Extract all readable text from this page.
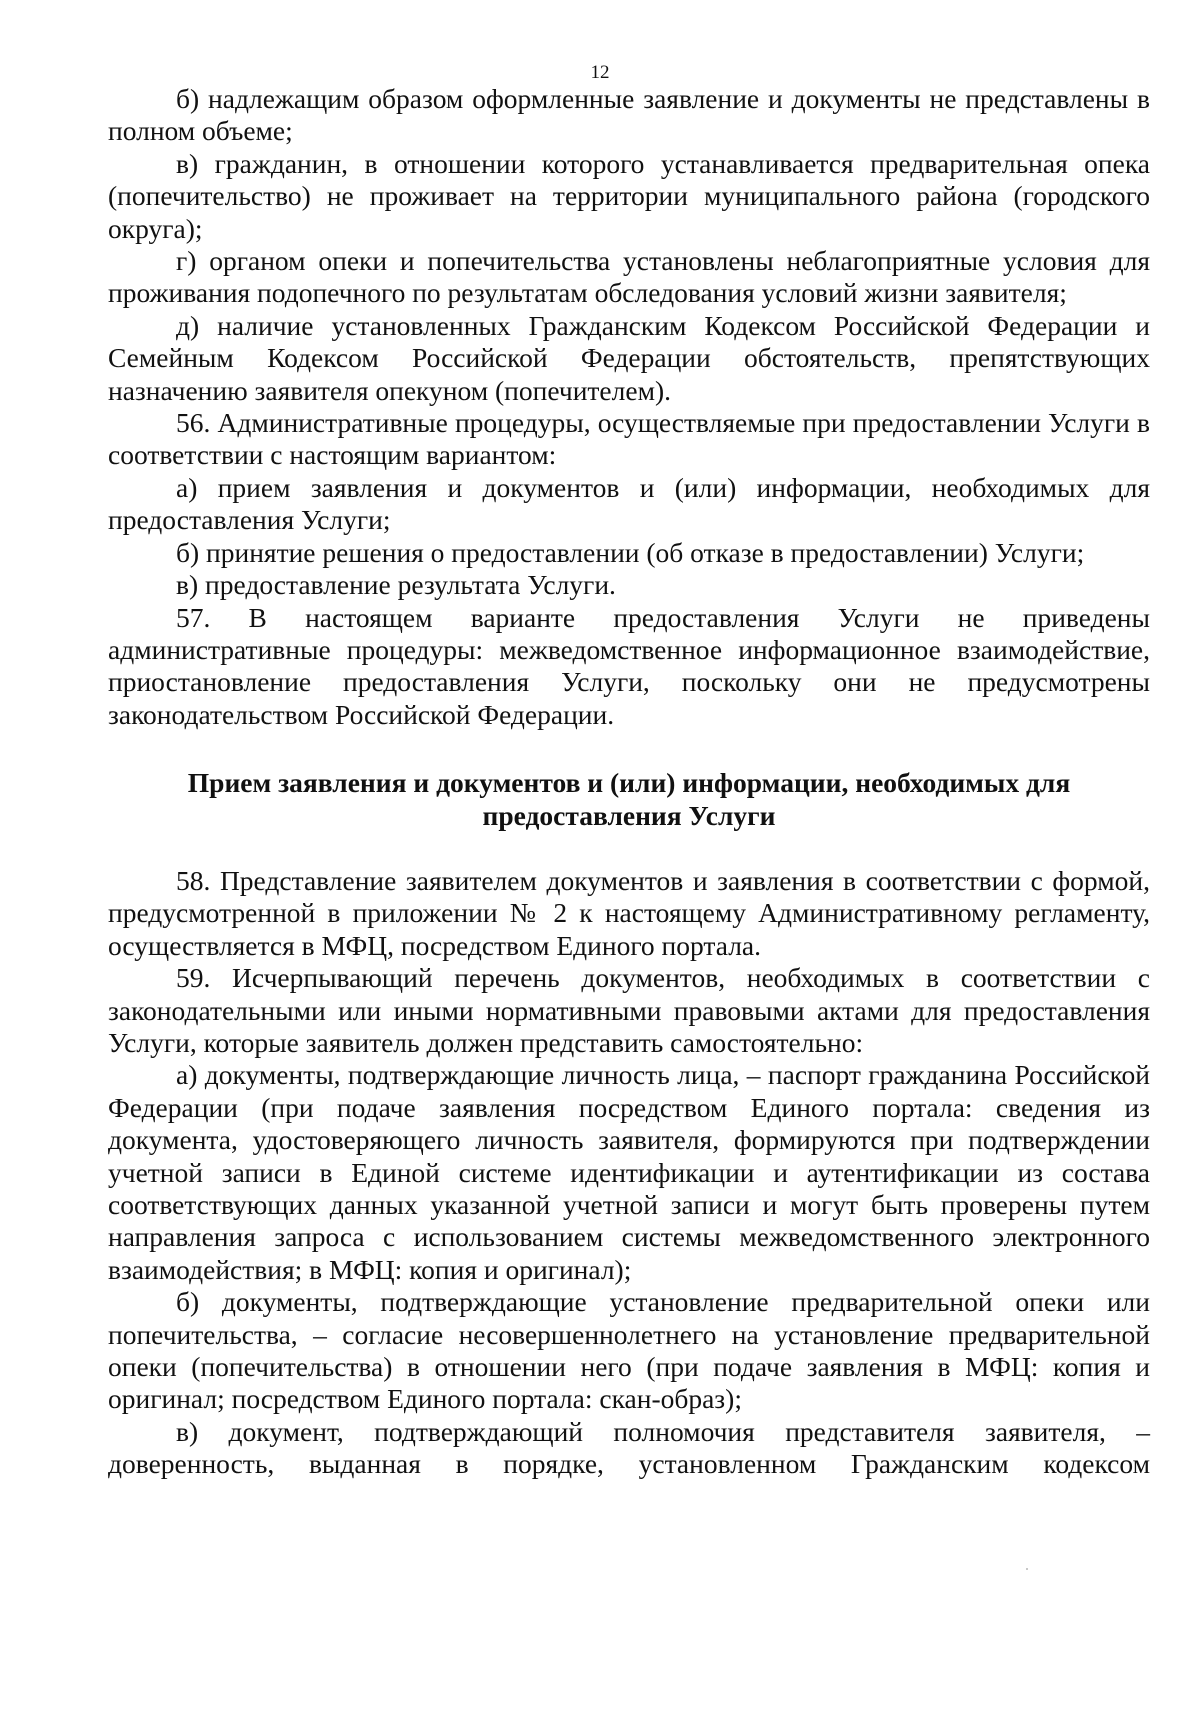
12

б) надлежащим образом оформленные заявление и документы не представлены в полном объеме;

в) гражданин, в отношении которого устанавливается предварительная опека (попечительство) не проживает на территории муниципального района (городского округа);

г) органом опеки и попечительства установлены неблагоприятные условия для проживания подопечного по результатам обследования условий жизни заявителя;

д) наличие установленных Гражданским Кодексом Российской Федерации и Семейным Кодексом Российской Федерации обстоятельств, препятствующих назначению заявителя опекуном (попечителем).

56. Административные процедуры, осуществляемые при предоставлении Услуги в соответствии с настоящим вариантом:

а) прием заявления и документов и (или) информации, необходимых для предоставления Услуги;

б) принятие решения о предоставлении (об отказе в предоставлении) Услуги;

в) предоставление результата Услуги.

57. В настоящем варианте предоставления Услуги не приведены административные процедуры: межведомственное информационное взаимодействие, приостановление предоставления Услуги, поскольку они не предусмотрены законодательством Российской Федерации.

Прием заявления и документов и (или) информации, необходимых для
предоставления Услуги

58. Представление заявителем документов и заявления в соответствии с формой, предусмотренной в приложении № 2 к настоящему Административному регламенту, осуществляется в МФЦ, посредством Единого портала.

59. Исчерпывающий перечень документов, необходимых в соответствии с законодательными или иными нормативными правовыми актами для предоставления Услуги, которые заявитель должен представить самостоятельно:

а) документы, подтверждающие личность лица, – паспорт гражданина Российской Федерации (при подаче заявления посредством Единого портала: сведения из документа, удостоверяющего личность заявителя, формируются при подтверждении учетной записи в Единой системе идентификации и аутентификации из состава соответствующих данных указанной учетной записи и могут быть проверены путем направления запроса с использованием системы межведомственного электронного взаимодействия; в МФЦ: копия и оригинал);

б) документы, подтверждающие установление предварительной опеки или попечительства, – согласие несовершеннолетнего на установление предварительной опеки (попечительства) в отношении него (при подаче заявления в МФЦ: копия и оригинал; посредством Единого портала: скан-образ);

в) документ, подтверждающий полномочия представителя заявителя, – доверенность, выданная в порядке, установленном Гражданским кодексом
